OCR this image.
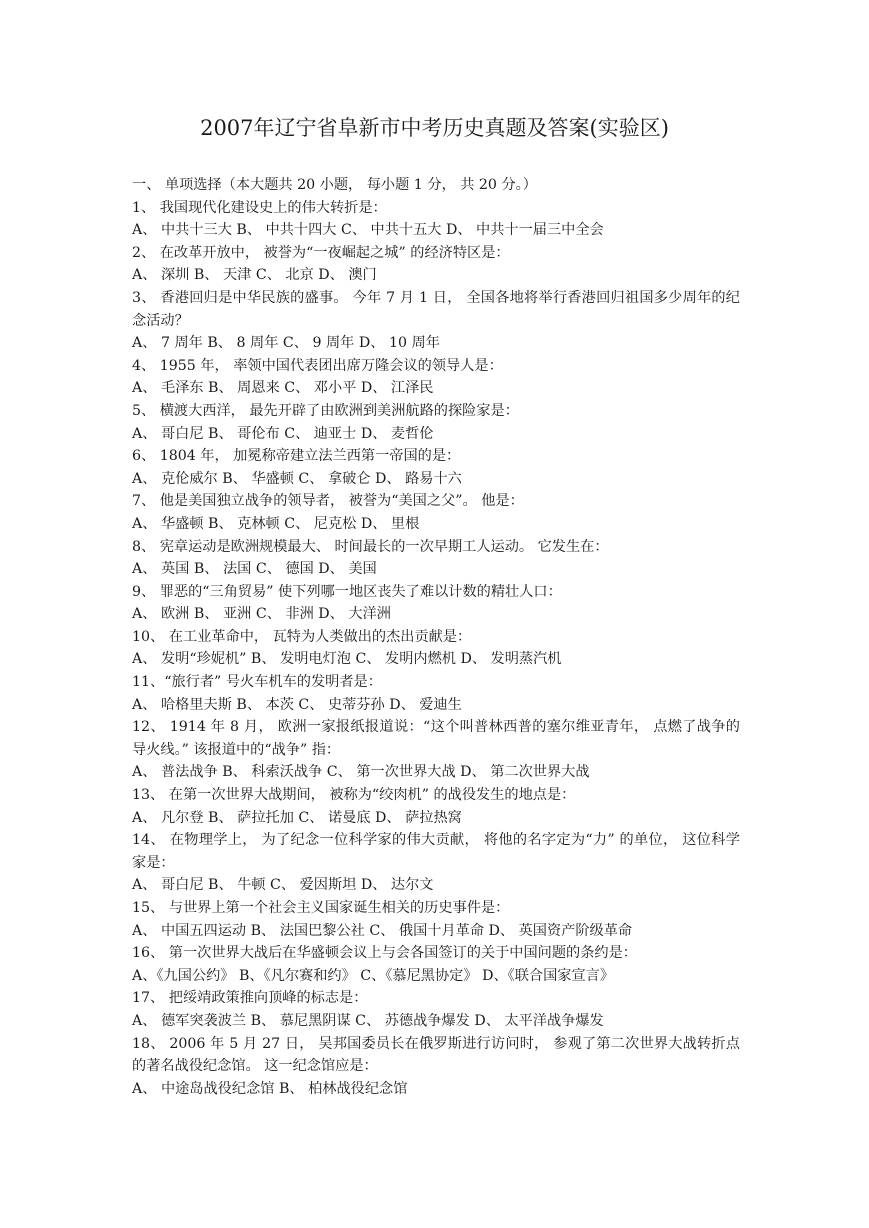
2007年辽宁省阜新市中考历史真题及答案(实验区)
一、 单项选择（本大题共 20 小题， 每小题 1 分， 共 20 分。）
1、 我国现代化建设史上的伟大转折是：
A、 中共十三大 B、 中共十四大 C、 中共十五大 D、 中共十一届三中全会
2、 在改革开放中， 被誉为“一夜崛起之城” 的经济特区是：
A、 深圳 B、 天津 C、 北京 D、 澳门
3、 香港回归是中华民族的盛事。 今年 7 月 1 日， 全国各地将举行香港回归祖国多少周年的纪念活动？
A、 7 周年 B、 8 周年 C、 9 周年 D、 10 周年
4、 1955 年， 率领中国代表团出席万隆会议的领导人是：
A、 毛泽东 B、 周恩来 C、 邓小平 D、 江泽民
5、 横渡大西洋， 最先开辟了由欧洲到美洲航路的探险家是：
A、 哥白尼 B、 哥伦布 C、 迪亚士 D、 麦哲伦
6、 1804 年， 加冕称帝建立法兰西第一帝国的是：
A、 克伦威尔 B、 华盛顿 C、 拿破仑 D、 路易十六
7、 他是美国独立战争的领导者， 被誉为“美国之父”。 他是：
A、 华盛顿 B、 克林顿 C、 尼克松 D、 里根
8、 宪章运动是欧洲规模最大、 时间最长的一次早期工人运动。 它发生在：
A、 英国 B、 法国 C、 德国 D、 美国
9、 罪恶的“三角贸易” 使下列哪一地区丧失了难以计数的精壮人口：
A、 欧洲 B、 亚洲 C、 非洲 D、 大洋洲
10、 在工业革命中， 瓦特为人类做出的杰出贡献是：
A、 发明“珍妮机” B、 发明电灯泡 C、 发明内燃机 D、 发明蒸汽机
11、“旅行者” 号火车机车的发明者是：
A、 哈格里夫斯 B、 本茨 C、 史蒂芬孙 D、 爱迪生
12、 1914 年 8 月， 欧洲一家报纸报道说：“这个叫普林西普的塞尔维亚青年， 点燃了战争的导火线。” 该报道中的“战争” 指：
A、 普法战争 B、 科索沃战争 C、 第一次世界大战 D、 第二次世界大战
13、 在第一次世界大战期间， 被称为“绞肉机” 的战役发生的地点是：
A、 凡尔登 B、 萨拉托加 C、 诺曼底 D、 萨拉热窝
14、 在物理学上， 为了纪念一位科学家的伟大贡献， 将他的名字定为“力” 的单位， 这位科学家是：
A、 哥白尼 B、 牛顿 C、 爱因斯坦 D、 达尔文
15、 与世界上第一个社会主义国家诞生相关的历史事件是：
A、 中国五四运动 B、 法国巴黎公社 C、 俄国十月革命 D、 英国资产阶级革命
16、 第一次世界大战后在华盛顿会议上与会各国签订的关于中国问题的条约是：
A、《九国公约》 B、《凡尔赛和约》 C、《慕尼黑协定》 D、《联合国家宣言》
17、 把绥靖政策推向顶峰的标志是：
A、 德军突袭波兰 B、 慕尼黑阴谋 C、 苏德战争爆发 D、 太平洋战争爆发
18、 2006 年 5 月 27 日， 吴邦国委员长在俄罗斯进行访问时， 参观了第二次世界大战转折点的著名战役纪念馆。 这一纪念馆应是：
A、 中途岛战役纪念馆 B、 柏林战役纪念馆
